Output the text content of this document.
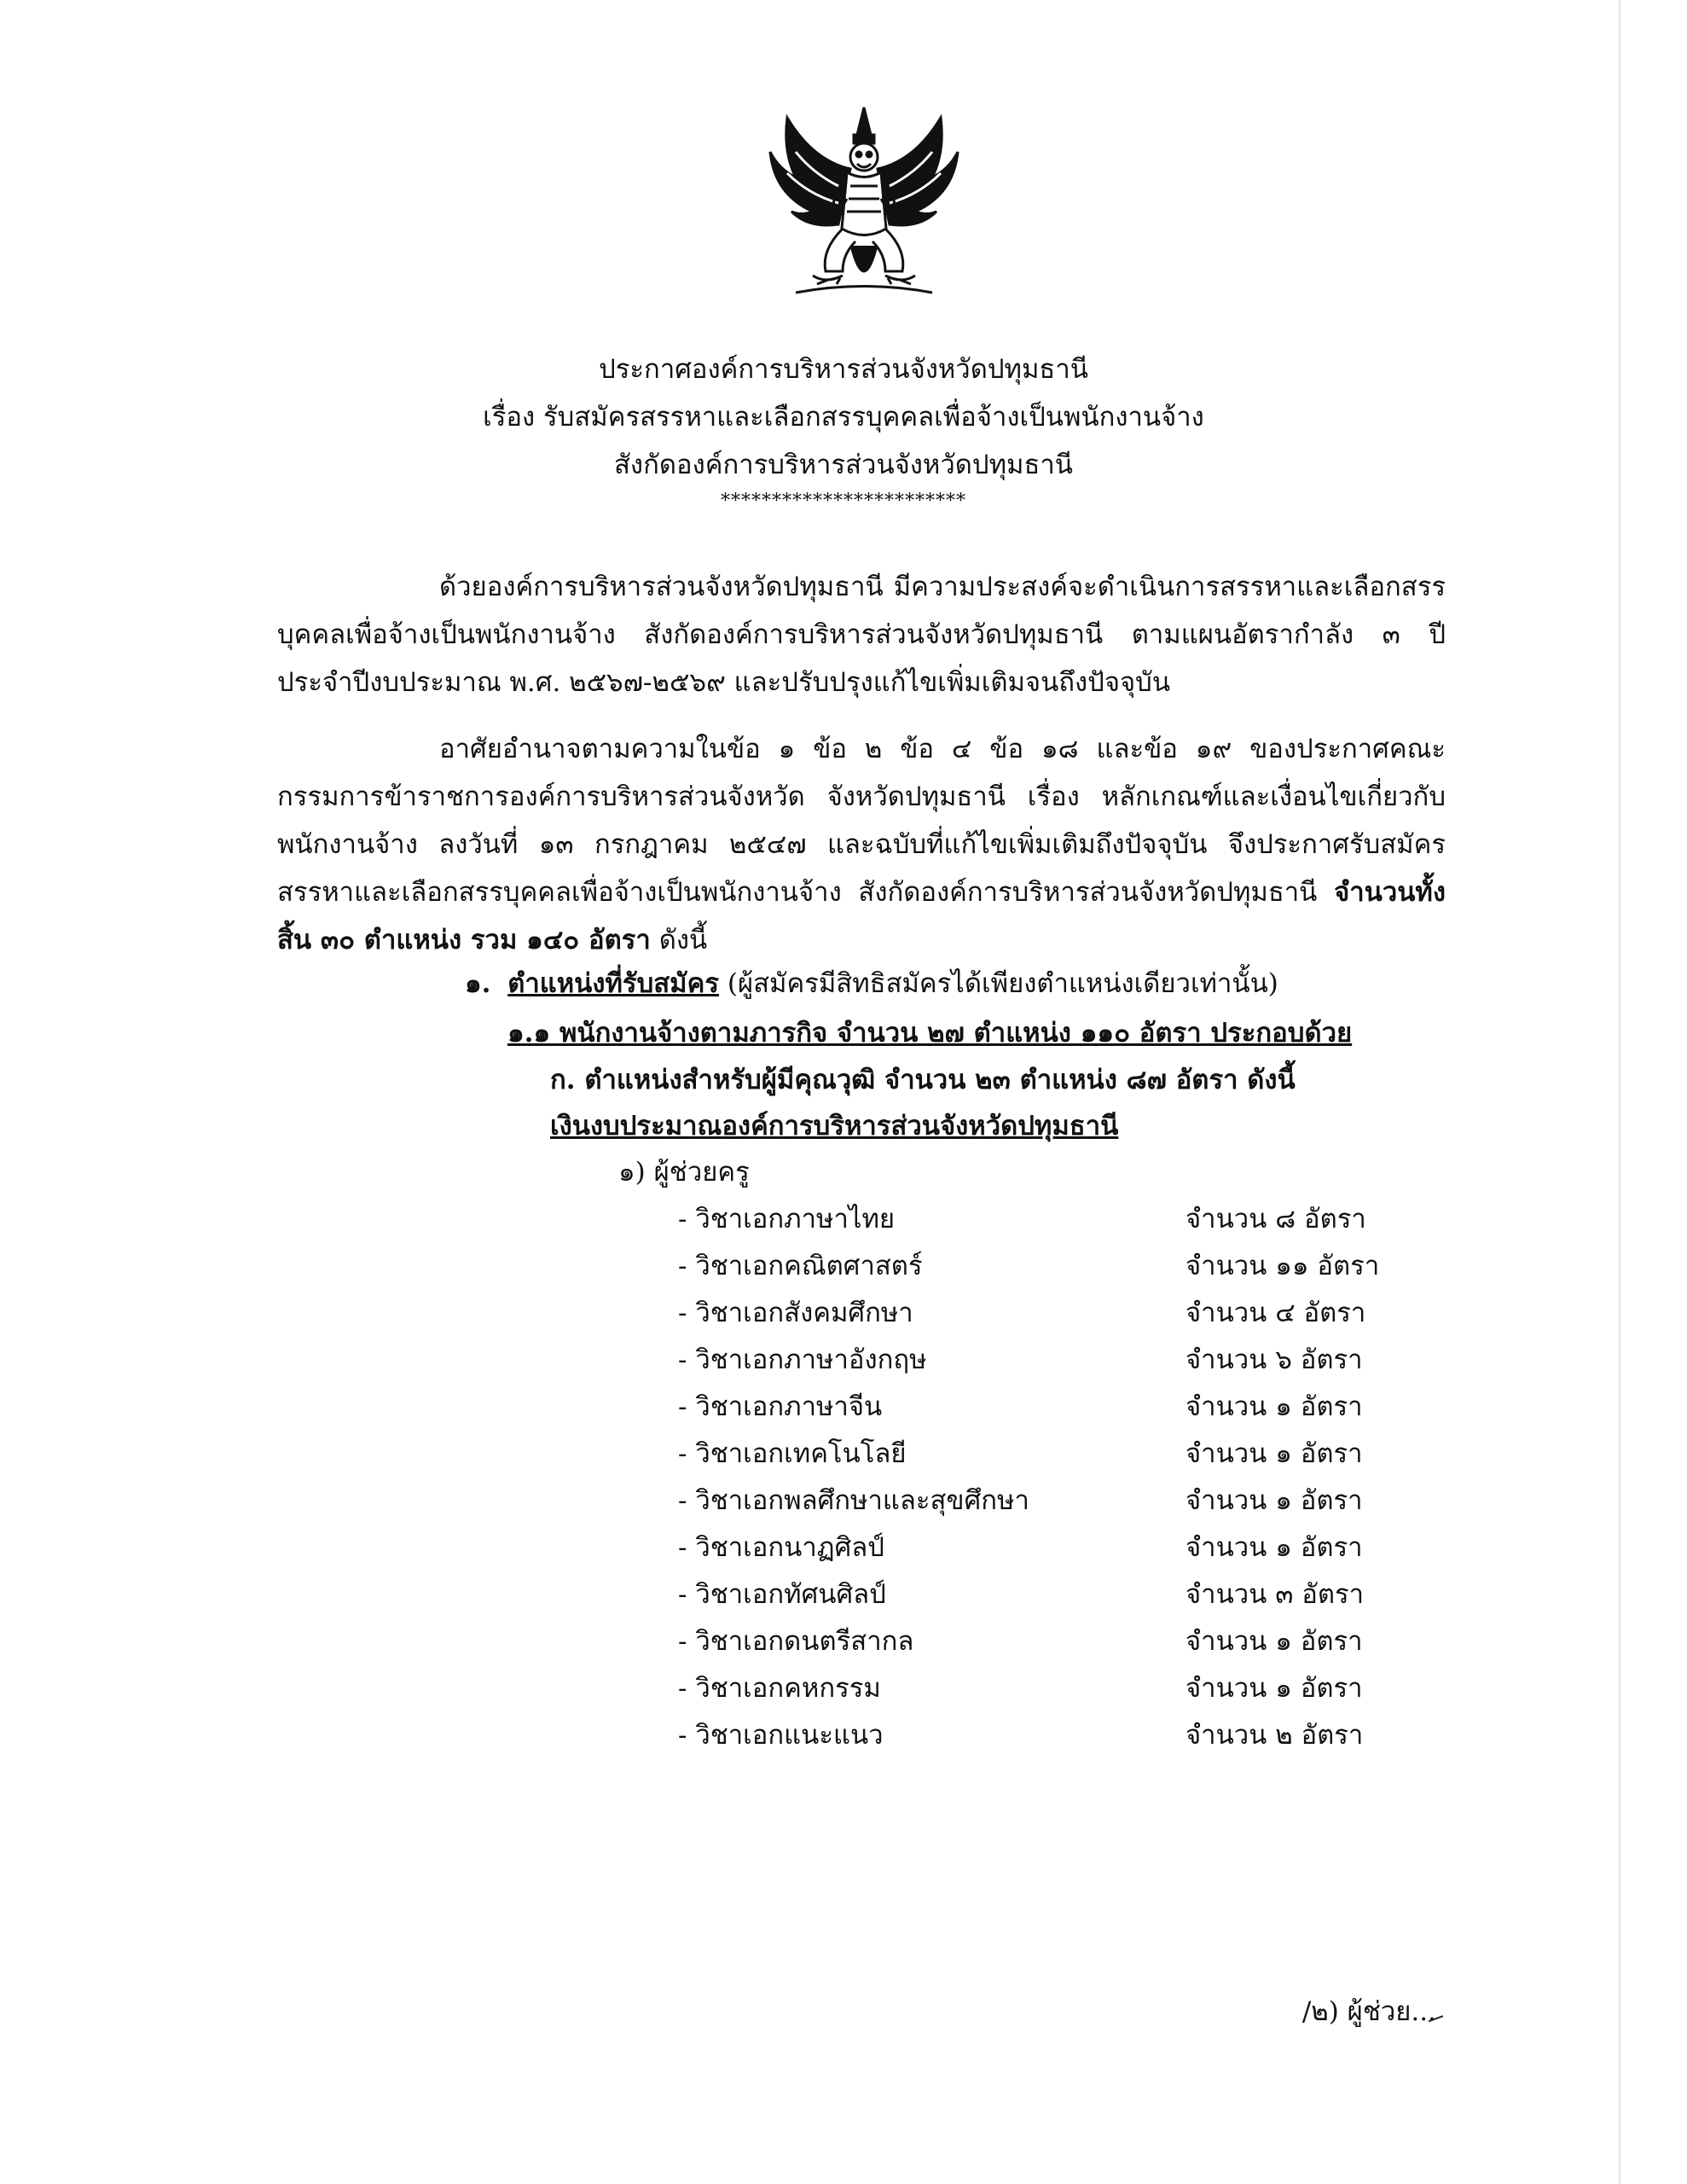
ประกาศองค์การบริหารส่วนจังหวัดปทุมธานี
เรื่อง รับสมัครสรรหาและเลือกสรรบุคคลเพื่อจ้างเป็นพนักงานจ้าง
สังกัดองค์การบริหารส่วนจังหวัดปทุมธานี
************************
ด้วยองค์การบริหารส่วนจังหวัดปทุมธานี มีความประสงค์จะดำเนินการสรรหาและเลือกสรรบุคคลเพื่อจ้างเป็นพนักงานจ้าง สังกัดองค์การบริหารส่วนจังหวัดปทุมธานี ตามแผนอัตรากำลัง ๓ ปี ประจำปีงบประมาณ พ.ศ. ๒๕๖๗-๒๕๖๙ และปรับปรุงแก้ไขเพิ่มเติมจนถึงปัจจุบัน
อาศัยอำนาจตามความในข้อ ๑ ข้อ ๒ ข้อ ๔ ข้อ ๑๘ และข้อ ๑๙ ของประกาศคณะกรรมการข้าราชการองค์การบริหารส่วนจังหวัด จังหวัดปทุมธานี เรื่อง หลักเกณฑ์และเงื่อนไขเกี่ยวกับพนักงานจ้าง ลงวันที่ ๑๓ กรกฎาคม ๒๕๔๗ และฉบับที่แก้ไขเพิ่มเติมถึงปัจจุบัน จึงประกาศรับสมัครสรรหาและเลือกสรรบุคคลเพื่อจ้างเป็นพนักงานจ้าง สังกัดองค์การบริหารส่วนจังหวัดปทุมธานี จำนวนทั้งสิ้น ๓๐ ตำแหน่ง รวม ๑๔๐ อัตรา ดังนี้
๑. ตำแหน่งที่รับสมัคร (ผู้สมัครมีสิทธิสมัครได้เพียงตำแหน่งเดียวเท่านั้น)
๑.๑ พนักงานจ้างตามภารกิจ จำนวน ๒๗ ตำแหน่ง ๑๑๐ อัตรา ประกอบด้วย
ก. ตำแหน่งสำหรับผู้มีคุณวุฒิ จำนวน ๒๓ ตำแหน่ง ๘๗ อัตรา ดังนี้
เงินงบประมาณองค์การบริหารส่วนจังหวัดปทุมธานี
๑) ผู้ช่วยครู
- วิชาเอกภาษาไทย	จำนวน ๘ อัตรา
- วิชาเอกคณิตศาสตร์	จำนวน ๑๑ อัตรา
- วิชาเอกสังคมศึกษา	จำนวน ๔ อัตรา
- วิชาเอกภาษาอังกฤษ	จำนวน ๖ อัตรา
- วิชาเอกภาษาจีน	จำนวน ๑ อัตรา
- วิชาเอกเทคโนโลยี	จำนวน ๑ อัตรา
- วิชาเอกพลศึกษาและสุขศึกษา	จำนวน ๑ อัตรา
- วิชาเอกนาฏศิลป์	จำนวน ๑ อัตรา
- วิชาเอกทัศนศิลป์	จำนวน ๓ อัตรา
- วิชาเอกดนตรีสากล	จำนวน ๑ อัตรา
- วิชาเอกคหกรรม	จำนวน ๑ อัตรา
- วิชาเอกแนะแนว	จำนวน ๒ อัตรา
/๒) ผู้ช่วย...
